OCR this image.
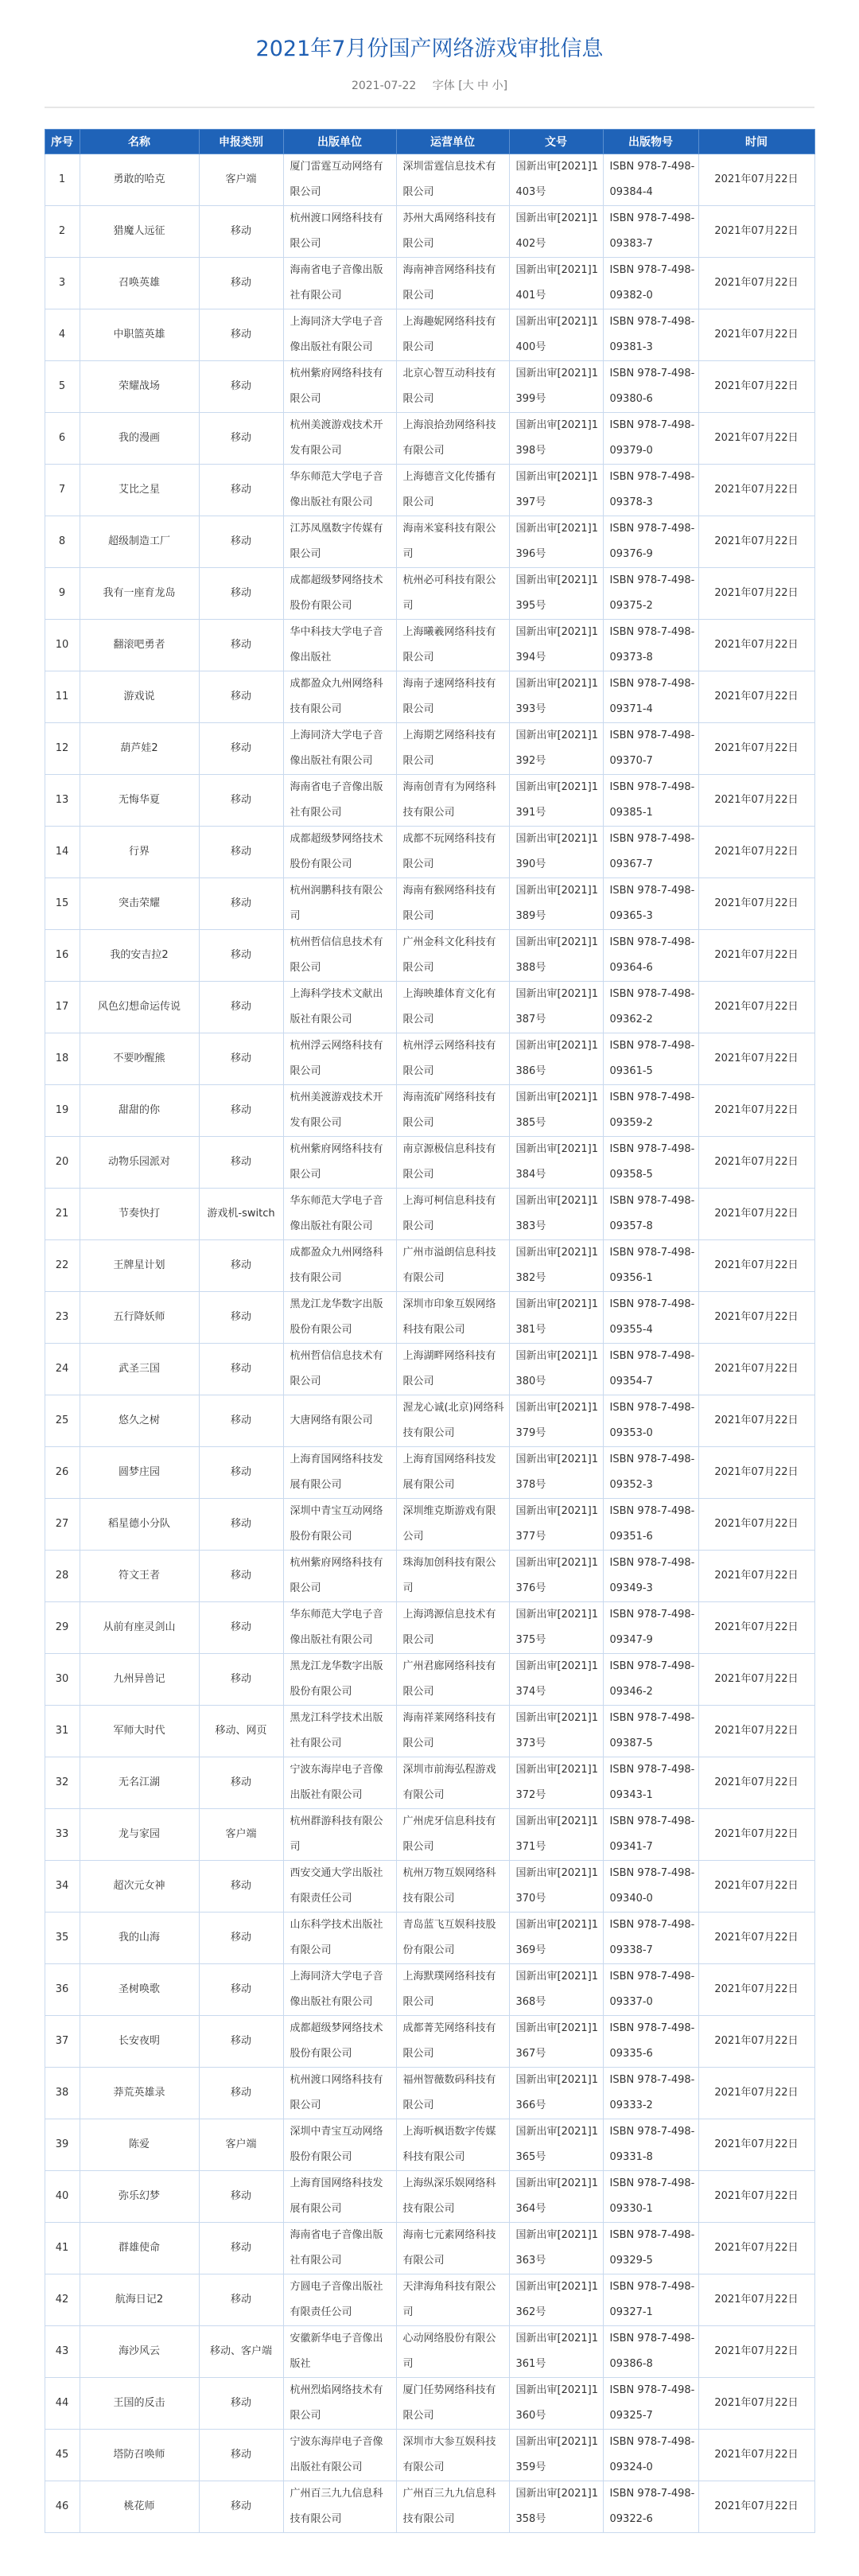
2021年7月份国产网络游戏审批信息
2021-07-22 字体 [大 中 小]
序号	名称	申报类别	出版单位	运营单位	文号	出版物号	时间
1	勇敢的哈克	客户端	厦门雷霆互动网络有限公司	深圳雷霆信息技术有限公司	国新出审[2021]1403号	ISBN 978-7-498-09384-4	2021年07月22日
2	猎魔人远征	移动	杭州渡口网络科技有限公司	苏州大禹网络科技有限公司	国新出审[2021]1402号	ISBN 978-7-498-09383-7	2021年07月22日
3	召唤英雄	移动	海南省电子音像出版社有限公司	海南神音网络科技有限公司	国新出审[2021]1401号	ISBN 978-7-498-09382-0	2021年07月22日
4	中职篮英雄	移动	上海同济大学电子音像出版社有限公司	上海趣妮网络科技有限公司	国新出审[2021]1400号	ISBN 978-7-498-09381-3	2021年07月22日
5	荣耀战场	移动	杭州紫府网络科技有限公司	北京心智互动科技有限公司	国新出审[2021]1399号	ISBN 978-7-498-09380-6	2021年07月22日
6	我的漫画	移动	杭州美渡游戏技术开发有限公司	上海浪拾劲网络科技有限公司	国新出审[2021]1398号	ISBN 978-7-498-09379-0	2021年07月22日
7	艾比之星	移动	华东师范大学电子音像出版社有限公司	上海德音文化传播有限公司	国新出审[2021]1397号	ISBN 978-7-498-09378-3	2021年07月22日
8	超级制造工厂	移动	江苏凤凰数字传媒有限公司	海南米宴科技有限公司	国新出审[2021]1396号	ISBN 978-7-498-09376-9	2021年07月22日
9	我有一座育龙岛	移动	成都超级梦网络技术股份有限公司	杭州必可科技有限公司	国新出审[2021]1395号	ISBN 978-7-498-09375-2	2021年07月22日
10	翻滚吧勇者	移动	华中科技大学电子音像出版社	上海曦羲网络科技有限公司	国新出审[2021]1394号	ISBN 978-7-498-09373-8	2021年07月22日
11	游戏说	移动	成都盈众九州网络科技有限公司	海南子速网络科技有限公司	国新出审[2021]1393号	ISBN 978-7-498-09371-4	2021年07月22日
12	葫芦娃2	移动	上海同济大学电子音像出版社有限公司	上海期艺网络科技有限公司	国新出审[2021]1392号	ISBN 978-7-498-09370-7	2021年07月22日
13	无悔华夏	移动	海南省电子音像出版社有限公司	海南创青有为网络科技有限公司	国新出审[2021]1391号	ISBN 978-7-498-09385-1	2021年07月22日
14	行界	移动	成都超级梦网络技术股份有限公司	成都不玩网络科技有限公司	国新出审[2021]1390号	ISBN 978-7-498-09367-7	2021年07月22日
15	突击荣耀	移动	杭州润鹏科技有限公司	海南有猴网络科技有限公司	国新出审[2021]1389号	ISBN 978-7-498-09365-3	2021年07月22日
16	我的安吉拉2	移动	杭州哲信信息技术有限公司	广州金科文化科技有限公司	国新出审[2021]1388号	ISBN 978-7-498-09364-6	2021年07月22日
17	风色幻想命运传说	移动	上海科学技术文献出版社有限公司	上海映雄体育文化有限公司	国新出审[2021]1387号	ISBN 978-7-498-09362-2	2021年07月22日
18	不要吵醒熊	移动	杭州浮云网络科技有限公司	杭州浮云网络科技有限公司	国新出审[2021]1386号	ISBN 978-7-498-09361-5	2021年07月22日
19	甜甜的你	移动	杭州美渡游戏技术开发有限公司	海南流矿网络科技有限公司	国新出审[2021]1385号	ISBN 978-7-498-09359-2	2021年07月22日
20	动物乐园派对	移动	杭州紫府网络科技有限公司	南京源极信息科技有限公司	国新出审[2021]1384号	ISBN 978-7-498-09358-5	2021年07月22日
21	节奏快打	游戏机-switch	华东师范大学电子音像出版社有限公司	上海可柯信息科技有限公司	国新出审[2021]1383号	ISBN 978-7-498-09357-8	2021年07月22日
22	王牌星计划	移动	成都盈众九州网络科技有限公司	广州市溢朗信息科技有限公司	国新出审[2021]1382号	ISBN 978-7-498-09356-1	2021年07月22日
23	五行降妖师	移动	黑龙江龙华数字出版股份有限公司	深圳市印象互娱网络科技有限公司	国新出审[2021]1381号	ISBN 978-7-498-09355-4	2021年07月22日
24	武圣三国	移动	杭州哲信信息技术有限公司	上海湖畔网络科技有限公司	国新出审[2021]1380号	ISBN 978-7-498-09354-7	2021年07月22日
25	悠久之树	移动	大唐网络有限公司	渥龙心诚(北京)网络科技有限公司	国新出审[2021]1379号	ISBN 978-7-498-09353-0	2021年07月22日
26	圆梦庄园	移动	上海育国网络科技发展有限公司	上海育国网络科技发展有限公司	国新出审[2021]1378号	ISBN 978-7-498-09352-3	2021年07月22日
27	稻星德小分队	移动	深圳中青宝互动网络股份有限公司	深圳维克斯游戏有限公司	国新出审[2021]1377号	ISBN 978-7-498-09351-6	2021年07月22日
28	符文王者	移动	杭州紫府网络科技有限公司	珠海加创科技有限公司	国新出审[2021]1376号	ISBN 978-7-498-09349-3	2021年07月22日
29	从前有座灵剑山	移动	华东师范大学电子音像出版社有限公司	上海鸿源信息技术有限公司	国新出审[2021]1375号	ISBN 978-7-498-09347-9	2021年07月22日
30	九州异兽记	移动	黑龙江龙华数字出版股份有限公司	广州君廊网络科技有限公司	国新出审[2021]1374号	ISBN 978-7-498-09346-2	2021年07月22日
31	军师大时代	移动、网页	黑龙江科学技术出版社有限公司	海南祥莱网络科技有限公司	国新出审[2021]1373号	ISBN 978-7-498-09387-5	2021年07月22日
32	无名江湖	移动	宁波东海岸电子音像出版社有限公司	深圳市前海弘程游戏有限公司	国新出审[2021]1372号	ISBN 978-7-498-09343-1	2021年07月22日
33	龙与家园	客户端	杭州群游科技有限公司	广州虎牙信息科技有限公司	国新出审[2021]1371号	ISBN 978-7-498-09341-7	2021年07月22日
34	超次元女神	移动	西安交通大学出版社有限责任公司	杭州万物互娱网络科技有限公司	国新出审[2021]1370号	ISBN 978-7-498-09340-0	2021年07月22日
35	我的山海	移动	山东科学技术出版社有限公司	青岛蓝飞互娱科技股份有限公司	国新出审[2021]1369号	ISBN 978-7-498-09338-7	2021年07月22日
36	圣树唤歌	移动	上海同济大学电子音像出版社有限公司	上海默璞网络科技有限公司	国新出审[2021]1368号	ISBN 978-7-498-09337-0	2021年07月22日
37	长安夜明	移动	成都超级梦网络技术股份有限公司	成都菁芜网络科技有限公司	国新出审[2021]1367号	ISBN 978-7-498-09335-6	2021年07月22日
38	莽荒英雄录	移动	杭州渡口网络科技有限公司	福州智薇数码科技有限公司	国新出审[2021]1366号	ISBN 978-7-498-09333-2	2021年07月22日
39	陈爱	客户端	深圳中青宝互动网络股份有限公司	上海听枫语数字传媒科技有限公司	国新出审[2021]1365号	ISBN 978-7-498-09331-8	2021年07月22日
40	弥乐幻梦	移动	上海育国网络科技发展有限公司	上海纵深乐娱网络科技有限公司	国新出审[2021]1364号	ISBN 978-7-498-09330-1	2021年07月22日
41	群雄使命	移动	海南省电子音像出版社有限公司	海南七元素网络科技有限公司	国新出审[2021]1363号	ISBN 978-7-498-09329-5	2021年07月22日
42	航海日记2	移动	方圆电子音像出版社有限责任公司	天津海角科技有限公司	国新出审[2021]1362号	ISBN 978-7-498-09327-1	2021年07月22日
43	海沙风云	移动、客户端	安徽新华电子音像出版社	心动网络股份有限公司	国新出审[2021]1361号	ISBN 978-7-498-09386-8	2021年07月22日
44	王国的反击	移动	杭州烈焰网络技术有限公司	厦门任势网络科技有限公司	国新出审[2021]1360号	ISBN 978-7-498-09325-7	2021年07月22日
45	塔防召唤师	移动	宁波东海岸电子音像出版社有限公司	深圳市大参互娱科技有限公司	国新出审[2021]1359号	ISBN 978-7-498-09324-0	2021年07月22日
46	桃花师	移动	广州百三九九信息科技有限公司	广州百三九九信息科技有限公司	国新出审[2021]1358号	ISBN 978-7-498-09322-6	2021年07月22日
